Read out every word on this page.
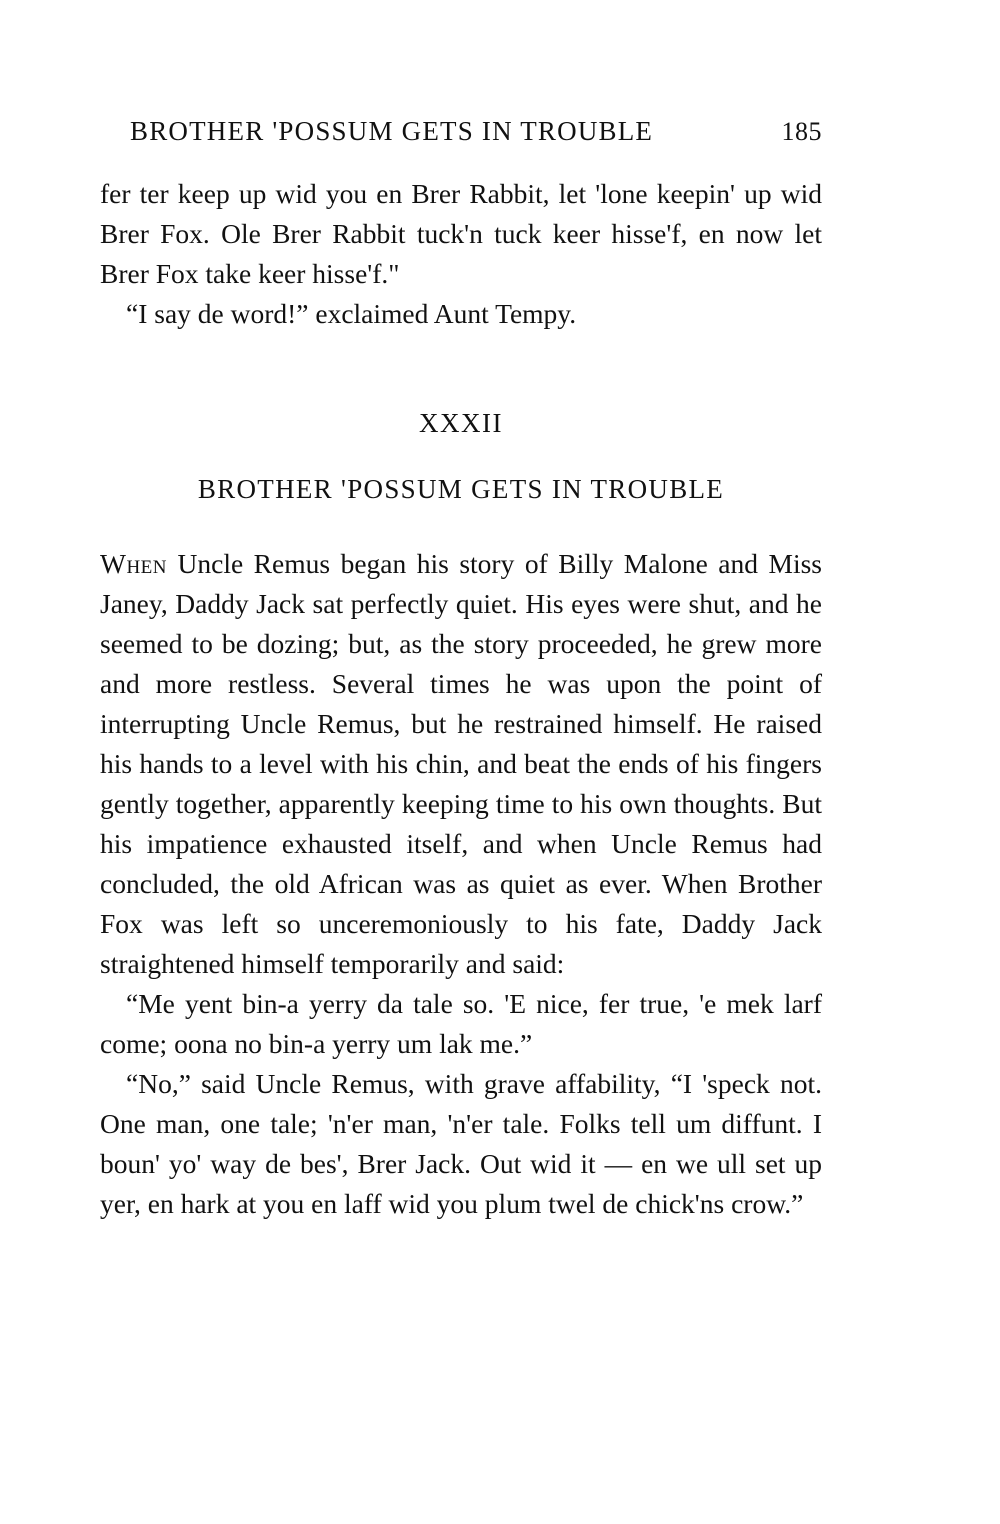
BROTHER 'POSSUM GETS IN TROUBLE	185

fer ter keep up wid you en Brer Rabbit, let 'lone keepin' up wid Brer Fox. Ole Brer Rabbit tuck'n tuck keer hisse'f, en now let Brer Fox take keer hisse'f."

“I say de word!” exclaimed Aunt Tempy.

XXXII
BROTHER 'POSSUM GETS IN TROUBLE

When Uncle Remus began his story of Billy Malone and Miss Janey, Daddy Jack sat perfectly quiet. His eyes were shut, and he seemed to be dozing; but, as the story proceeded, he grew more and more restless. Several times he was upon the point of interrupting Uncle Remus, but he restrained himself. He raised his hands to a level with his chin, and beat the ends of his fingers gently together, apparently keeping time to his own thoughts. But his impatience exhausted itself, and when Uncle Remus had concluded, the old African was as quiet as ever. When Brother Fox was left so unceremoniously to his fate, Daddy Jack straightened himself temporarily and said:

“Me yent bin-a yerry da tale so. 'E nice, fer true, 'e mek larf come; oona no bin-a yerry um lak me.”

“No,” said Uncle Remus, with grave affability, “I 'speck not. One man, one tale; 'n'er man, 'n'er tale. Folks tell um diffunt. I boun' yo' way de bes', Brer Jack. Out wid it — en we ull set up yer, en hark at you en laff wid you plum twel de chick'ns crow.”
